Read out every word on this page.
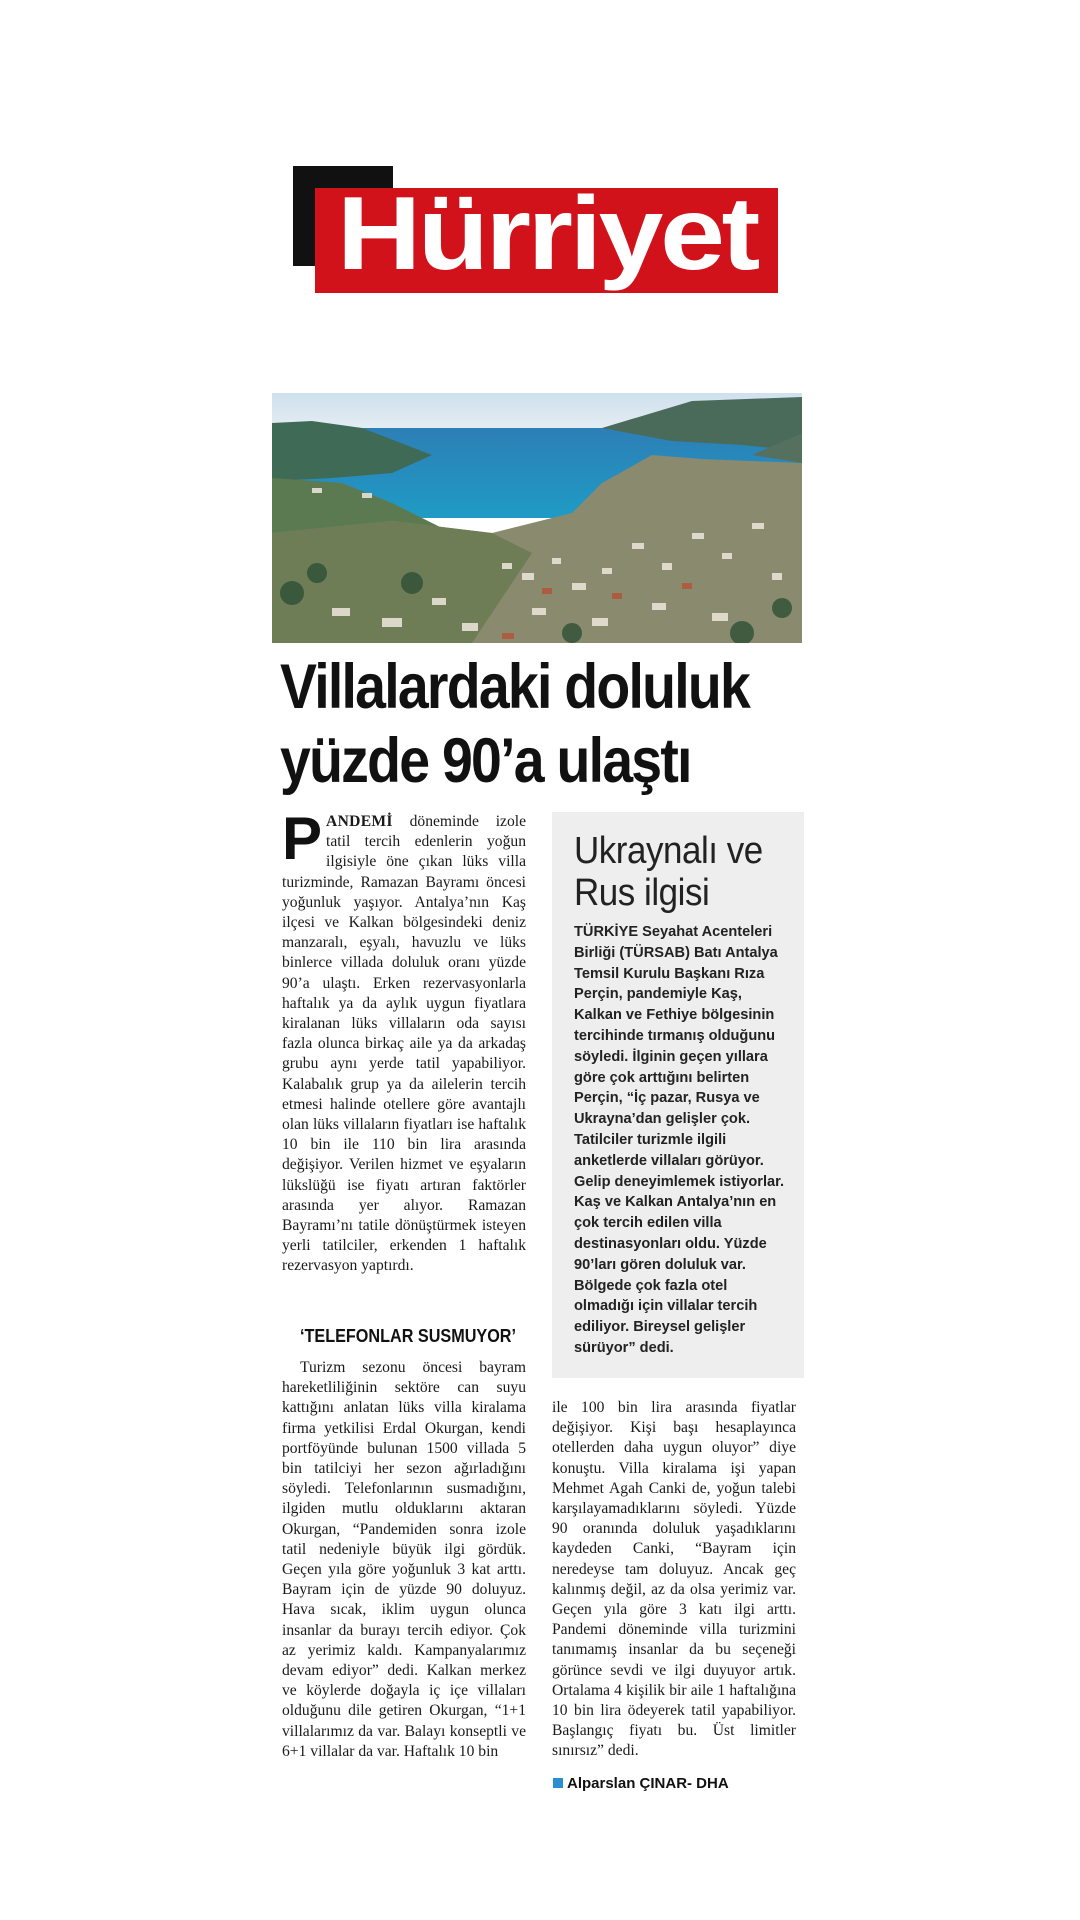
Hürriyet
Villalardaki doluluk
yüzde 90’a ulaştı

PANDEMİ döneminde izole tatil tercih edenlerin yoğun ilgisiyle öne çıkan lüks villa turizminde, Ramazan Bayramı öncesi yoğunluk yaşıyor. Antalya’nın Kaş ilçesi ve Kalkan bölgesindeki deniz manzaralı, eşyalı, havuzlu ve lüks binlerce villada doluluk oranı yüzde 90’a ulaştı. Erken rezervasyonlarla haftalık ya da aylık uygun fiyatlara kiralanan lüks villaların oda sayısı fazla olunca birkaç aile ya da arkadaş grubu aynı yerde tatil yapabiliyor. Kalabalık grup ya da ailelerin tercih etmesi halinde otellere göre avantajlı olan lüks villaların fiyatları ise haftalık 10 bin ile 110 bin lira arasında değişiyor. Verilen hizmet ve eşyaların lükslüğü ise fiyatı artıran faktörler arasında yer alıyor. Ramazan Bayramı’nı tatile dönüştürmek isteyen yerli tatilciler, erkenden 1 haftalık rezervasyon yaptırdı.

‘TELEFONLAR SUSMUYOR’

Turizm sezonu öncesi bayram hareketliliğinin sektöre can suyu kattığını anlatan lüks villa kiralama firma yetkilisi Erdal Okurgan, kendi portföyünde bulunan 1500 villada 5 bin tatilciyi her sezon ağırladığını söyledi. Telefonlarının susmadığını, ilgiden mutlu olduklarını aktaran Okurgan, “Pandemiden sonra izole tatil nedeniyle büyük ilgi gördük. Geçen yıla göre yoğunluk 3 kat arttı. Bayram için de yüzde 90 doluyuz. Hava sıcak, iklim uygun olunca insanlar da burayı tercih ediyor. Çok az yerimiz kaldı. Kampanyalarımız devam ediyor” dedi. Kalkan merkez ve köylerde doğayla iç içe villaları olduğunu dile getiren Okurgan, “1+1 villalarımız da var. Balayı konseptli ve 6+1 villalar da var. Haftalık 10 bin

Ukraynalı ve
Rus ilgisi
TÜRKİYE Seyahat Acenteleri Birliği (TÜRSAB) Batı Antalya Temsil Kurulu Başkanı Rıza Perçin, pandemiyle Kaş, Kalkan ve Fethiye bölgesinin tercihinde tırmanış olduğunu söyledi. İlginin geçen yıllara göre çok arttığını belirten Perçin, “İç pazar, Rusya ve Ukrayna’dan gelişler çok. Tatilciler turizmle ilgili anketlerde villaları görüyor. Gelip deneyimlemek istiyorlar. Kaş ve Kalkan Antalya’nın en çok tercih edilen villa destinasyonları oldu. Yüzde 90’ları gören doluluk var. Bölgede çok fazla otel olmadığı için villalar tercih ediliyor. Bireysel gelişler sürüyor” dedi.

ile 100 bin lira arasında fiyatlar değişiyor. Kişi başı hesaplayınca otellerden daha uygun oluyor” diye konuştu. Villa kiralama işi yapan Mehmet Agah Canki de, yoğun talebi karşılayamadıklarını söyledi. Yüzde 90 oranında doluluk yaşadıklarını kaydeden Canki, “Bayram için neredeyse tam doluyuz. Ancak geç kalınmış değil, az da olsa yerimiz var. Geçen yıla göre 3 katı ilgi arttı. Pandemi döneminde villa turizmini tanımamış insanlar da bu seçeneği görünce sevdi ve ilgi duyuyor artık. Ortalama 4 kişilik bir aile 1 haftalığına 10 bin lira ödeyerek tatil yapabiliyor. Başlangıç fiyatı bu. Üst limitler sınırsız” dedi.

Alparslan ÇINAR- DHA
